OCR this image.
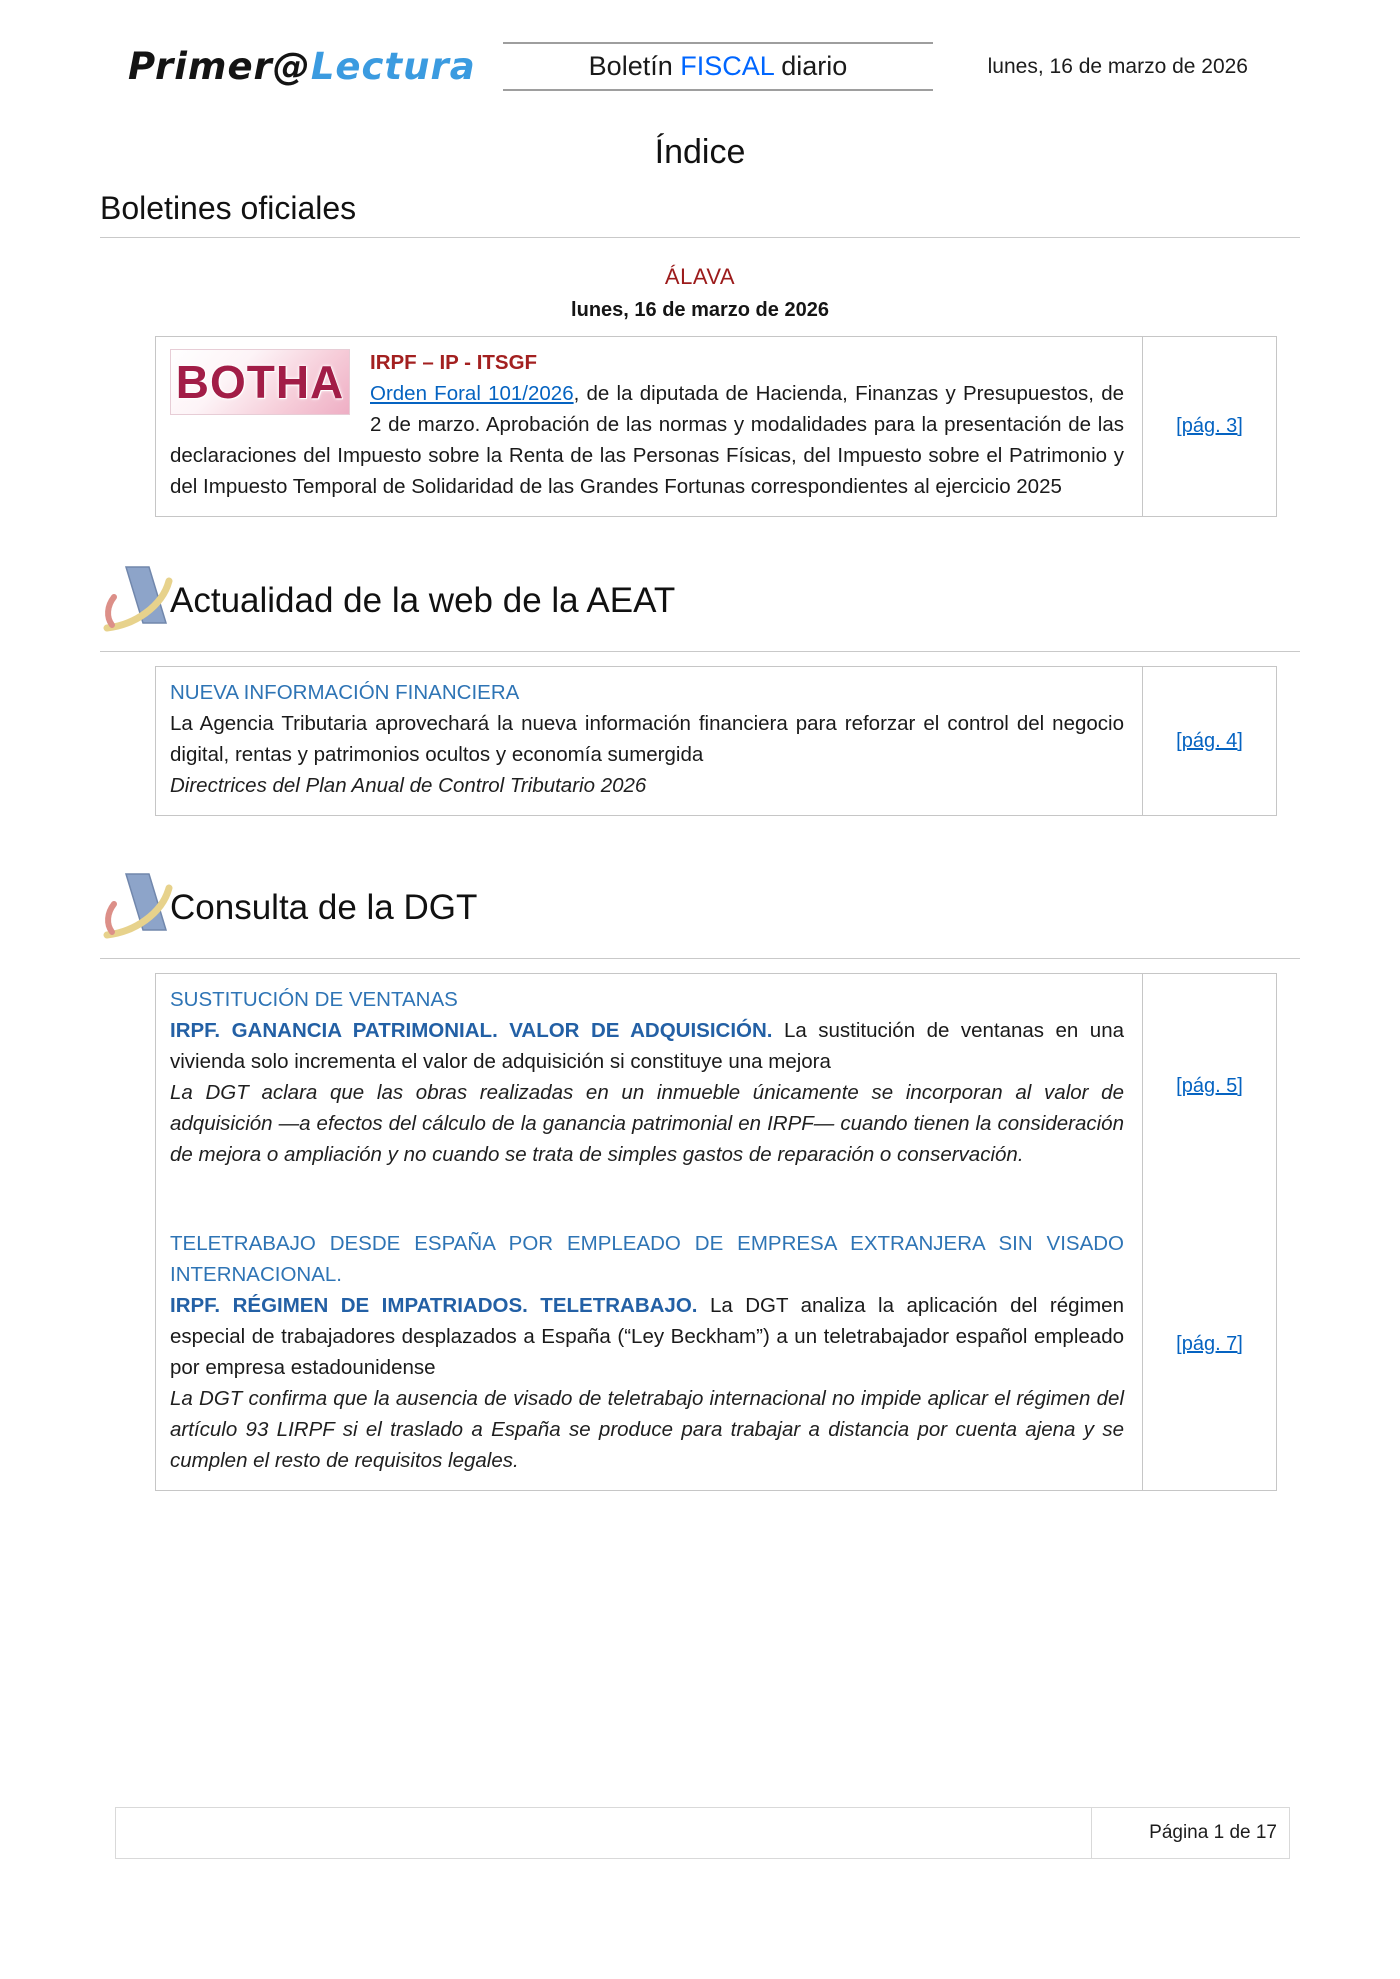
Primer@Lectura	Boletín FISCAL diario	lunes, 16 de marzo de 2026
Índice
Boletines oficiales
ÁLAVA
lunes, 16 de marzo de 2026
BOTHA	IRPF – IP - ITSGF

Orden Foral 101/2026, de la diputada de Hacienda, Finanzas y Presupuestos, de 2 de marzo. Aprobación de las normas y modalidades para la presentación de las declaraciones del Impuesto sobre la Renta de las Personas Físicas, del Impuesto sobre el Patrimonio y del Impuesto Temporal de Solidaridad de las Grandes Fortunas correspondientes al ejercicio 2025

[pág. 3]
Actualidad de la web de la AEAT

NUEVA INFORMACIÓN FINANCIERA

La Agencia Tributaria aprovechará la nueva información financiera para reforzar el control del negocio digital, rentas y patrimonios ocultos y economía sumergida

Directrices del Plan Anual de Control Tributario 2026

[pág. 4]
Consulta de la DGT

SUSTITUCIÓN DE VENTANAS

IRPF. GANANCIA PATRIMONIAL. VALOR DE ADQUISICIÓN. La sustitución de ventanas en una vivienda solo incrementa el valor de adquisición si constituye una mejora

La DGT aclara que las obras realizadas en un inmueble únicamente se incorporan al valor de adquisición —a efectos del cálculo de la ganancia patrimonial en IRPF— cuando tienen la consideración de mejora o ampliación y no cuando se trata de simples gastos de reparación o conservación.

[pág. 5]

TELETRABAJO DESDE ESPAÑA POR EMPLEADO DE EMPRESA EXTRANJERA SIN VISADO INTERNACIONAL.

IRPF. RÉGIMEN DE IMPATRIADOS. TELETRABAJO. La DGT analiza la aplicación del régimen especial de trabajadores desplazados a España (“Ley Beckham”) a un teletrabajador español empleado por empresa estadounidense

La DGT confirma que la ausencia de visado de teletrabajo internacional no impide aplicar el régimen del artículo 93 LIRPF si el traslado a España se produce para trabajar a distancia por cuenta ajena y se cumplen el resto de requisitos legales.

[pág. 7]
Página 1 de 17
